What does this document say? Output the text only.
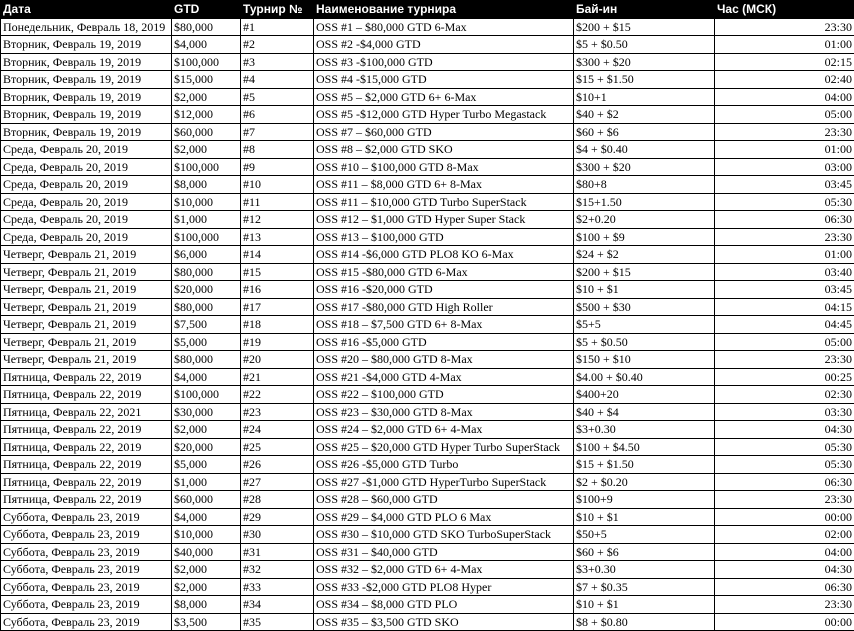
Дата	GTD	Турнир №	Наименование турнира	Бай-ин	Час (МСК)
Понедельник, Февраль 18, 2019	$80,000	#1	OSS #1 – $80,000 GTD 6-Max	$200 + $15	23:30
Вторник, Февраль 19, 2019	$4,000	#2	OSS #2 -$4,000 GTD	$5 + $0.50	01:00
Вторник, Февраль 19, 2019	$100,000	#3	OSS #3 -$100,000 GTD	$300 + $20	02:15
Вторник, Февраль 19, 2019	$15,000	#4	OSS #4 -$15,000 GTD	$15 + $1.50	02:40
Вторник, Февраль 19, 2019	$2,000	#5	OSS #5 – $2,000 GTD 6+ 6-Max	$10+1	04:00
Вторник, Февраль 19, 2019	$12,000	#6	OSS #5 -$12,000 GTD Hyper Turbo Megastack	$40 + $2	05:00
Вторник, Февраль 19, 2019	$60,000	#7	OSS #7 – $60,000 GTD	$60 + $6	23:30
Среда, Февраль 20, 2019	$2,000	#8	OSS #8 – $2,000 GTD SKO	$4 + $0.40	01:00
Среда, Февраль 20, 2019	$100,000	#9	OSS #10 – $100,000 GTD 8-Max	$300 + $20	03:00
Среда, Февраль 20, 2019	$8,000	#10	OSS #11 – $8,000 GTD 6+ 8-Max	$80+8	03:45
Среда, Февраль 20, 2019	$10,000	#11	OSS #11 – $10,000 GTD Turbo SuperStack	$15+1.50	05:30
Среда, Февраль 20, 2019	$1,000	#12	OSS #12 – $1,000 GTD Hyper Super Stack	$2+0.20	06:30
Среда, Февраль 20, 2019	$100,000	#13	OSS #13 – $100,000 GTD	$100 + $9	23:30
Четверг, Февраль 21, 2019	$6,000	#14	OSS #14 -$6,000 GTD PLO8 KO 6-Max	$24 + $2	01:00
Четверг, Февраль 21, 2019	$80,000	#15	OSS #15 -$80,000 GTD 6-Max	$200 + $15	03:40
Четверг, Февраль 21, 2019	$20,000	#16	OSS #16 -$20,000 GTD	$10 + $1	03:45
Четверг, Февраль 21, 2019	$80,000	#17	OSS #17 -$80,000 GTD High Roller	$500 + $30	04:15
Четверг, Февраль 21, 2019	$7,500	#18	OSS #18 – $7,500 GTD 6+ 8-Max	$5+5	04:45
Четверг, Февраль 21, 2019	$5,000	#19	OSS #16 -$5,000 GTD	$5 + $0.50	05:00
Четверг, Февраль 21, 2019	$80,000	#20	OSS #20 – $80,000 GTD 8-Max	$150 + $10	23:30
Пятница, Февраль 22, 2019	$4,000	#21	OSS #21 -$4,000 GTD 4-Max	$4.00 + $0.40	00:25
Пятница, Февраль 22, 2019	$100,000	#22	OSS #22 – $100,000 GTD	$400+20	02:30
Пятница, Февраль 22, 2021	$30,000	#23	OSS #23 – $30,000 GTD 8-Max	$40 + $4	03:30
Пятница, Февраль 22, 2019	$2,000	#24	OSS #24 – $2,000 GTD 6+ 4-Max	$3+0.30	04:30
Пятница, Февраль 22, 2019	$20,000	#25	OSS #25 – $20,000 GTD Hyper Turbo SuperStack	$100 + $4.50	05:30
Пятница, Февраль 22, 2019	$5,000	#26	OSS #26 -$5,000 GTD Turbo	$15 + $1.50	05:30
Пятница, Февраль 22, 2019	$1,000	#27	OSS #27 -$1,000 GTD HyperTurbo SuperStack	$2 + $0.20	06:30
Пятница, Февраль 22, 2019	$60,000	#28	OSS #28 – $60,000 GTD	$100+9	23:30
Суббота, Февраль 23, 2019	$4,000	#29	OSS #29 – $4,000 GTD PLO 6 Max	$10 + $1	00:00
Суббота, Февраль 23, 2019	$10,000	#30	OSS #30 – $10,000 GTD SKO TurboSuperStack	$50+5	02:00
Суббота, Февраль 23, 2019	$40,000	#31	OSS #31 – $40,000 GTD	$60 + $6	04:00
Суббота, Февраль 23, 2019	$2,000	#32	OSS #32 – $2,000 GTD 6+ 4-Max	$3+0.30	04:30
Суббота, Февраль 23, 2019	$2,000	#33	OSS #33 -$2,000 GTD PLO8 Hyper	$7 + $0.35	06:30
Суббота, Февраль 23, 2019	$8,000	#34	OSS #34 – $8,000 GTD PLO	$10 + $1	23:30
Суббота, Февраль 23, 2019	$3,500	#35	OSS #35 – $3,500 GTD SKO	$8 + $0.80	00:00
